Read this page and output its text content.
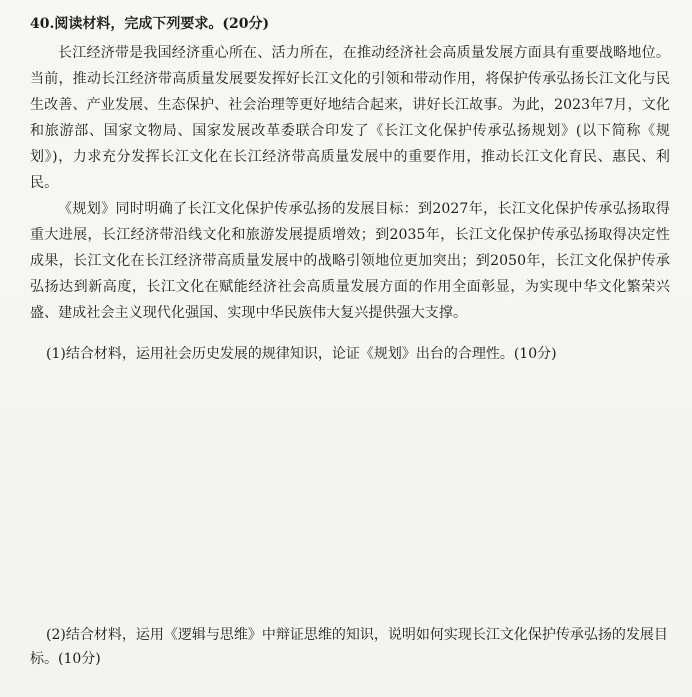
40.阅读材料，完成下列要求。(20分)

长江经济带是我国经济重心所在、活力所在，在推动经济社会高质量发展方面具有重要战略地位。当前，推动长江经济带高质量发展要发挥好长江文化的引领和带动作用，将保护传承弘扬长江文化与民生改善、产业发展、生态保护、社会治理等更好地结合起来，讲好长江故事。为此，2023年7月，文化和旅游部、国家文物局、国家发展改革委联合印发了《长江文化保护传承弘扬规划》(以下简称《规划》)，力求充分发挥长江文化在长江经济带高质量发展中的重要作用，推动长江文化育民、惠民、利民。

《规划》同时明确了长江文化保护传承弘扬的发展目标：到2027年，长江文化保护传承弘扬取得重大进展，长江经济带沿线文化和旅游发展提质增效；到2035年，长江文化保护传承弘扬取得决定性成果，长江文化在长江经济带高质量发展中的战略引领地位更加突出；到2050年，长江文化保护传承弘扬达到新高度，长江文化在赋能经济社会高质量发展方面的作用全面彰显，为实现中华文化繁荣兴盛、建成社会主义现代化强国、实现中华民族伟大复兴提供强大支撑。

(1)结合材料，运用社会历史发展的规律知识，论证《规划》出台的合理性。(10分)

(2)结合材料，运用《逻辑与思维》中辩证思维的知识，说明如何实现长江文化保护传承弘扬的发展目标。(10分)
